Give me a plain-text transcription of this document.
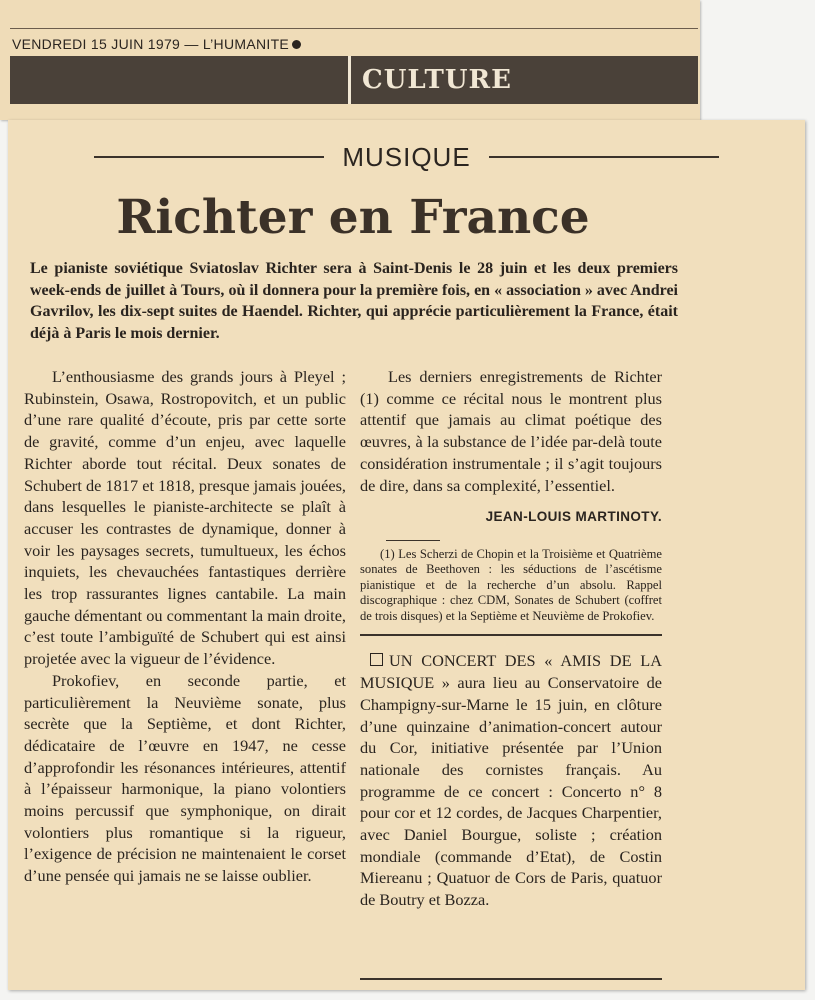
VENDREDI 15 JUIN 1979 — L’HUMANITE
CULTURE
MUSIQUE
Richter en France
Le pianiste soviétique Sviatoslav Richter sera à Saint-Denis le 28 juin et les deux premiers week-ends de juillet à Tours, où il donnera pour la première fois, en « association » avec Andrei Gavrilov, les dix-sept suites de Haendel. Richter, qui apprécie particulièrement la France, était déjà à Paris le mois dernier.

L’enthousiasme des grands jours à Pleyel ; Rubinstein, Osawa, Rostropovitch, et un public d’une rare qualité d’écoute, pris par cette sorte de gravité, comme d’un enjeu, avec laquelle Richter aborde tout récital. Deux sonates de Schubert de 1817 et 1818, presque jamais jouées, dans lesquelles le pianiste-architecte se plaît à accuser les contrastes de dynamique, donner à voir les paysages secrets, tumultueux, les échos inquiets, les chevauchées fantastiques derrière les trop rassurantes lignes cantabile. La main gauche démentant ou commentant la main droite, c’est toute l’ambiguïté de Schubert qui est ainsi projetée avec la vigueur de l’évidence.

Prokofiev, en seconde partie, et particulièrement la Neuvième sonate, plus secrète que la Septième, et dont Richter, dédicataire de l’œuvre en 1947, ne cesse d’approfondir les résonances intérieures, attentif à l’épaisseur harmonique, la piano volontiers moins percussif que symphonique, on dirait volontiers plus romantique si la rigueur, l’exigence de précision ne maintenaient le corset d’une pensée qui jamais ne se laisse oublier.

Les derniers enregistrements de Richter (1) comme ce récital nous le montrent plus attentif que jamais au climat poétique des œuvres, à la substance de l’idée par-delà toute considération instrumentale ; il s’agit toujours de dire, dans sa complexité, l’essentiel.

JEAN-LOUIS MARTINOTY.

(1) Les Scherzi de Chopin et la Troisième et Quatrième sonates de Beethoven : les séductions de l’ascétisme pianistique et de la recherche d’un absolu. Rappel discographique : chez CDM, Sonates de Schubert (coffret de trois disques) et la Septième et Neuvième de Prokofiev.

UN CONCERT DES « AMIS DE LA MUSIQUE » aura lieu au Conservatoire de Champigny-sur-Marne le 15 juin, en clôture d’une quinzaine d’animation-concert autour du Cor, initiative présentée par l’Union nationale des cornistes français. Au programme de ce concert : Concerto n° 8 pour cor et 12 cordes, de Jacques Charpentier, avec Daniel Bourgue, soliste ; création mondiale (commande d’Etat), de Costin Miereanu ; Quatuor de Cors de Paris, quatuor de Boutry et Bozza.
